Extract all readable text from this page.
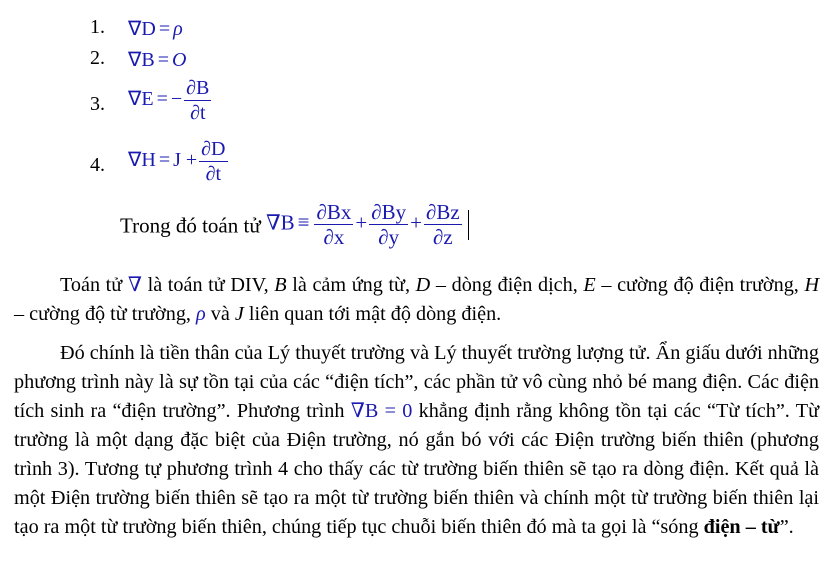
1. ∇D = ρ
2. ∇B = O
3. ∇E = − $\frac{\partial B}{\partial t}$
4. $\nabla H = J + \frac{\partial D}{\partial t}$
Trong đó toán tử $\nabla B \equiv \frac{\partial Bx}{\partial x} + \frac{\partial By}{\partial y} + \frac{\partial Bz}{\partial z}$

Toán tử ∇ là toán tử DIV, B là cảm ứng từ, D – dòng điện dịch, E – cường độ điện trường, H – cường độ từ trường, ρ và J liên quan tới mật độ dòng điện.

Đó chính là tiền thân của Lý thuyết trường và Lý thuyết trường lượng tử. Ẩn giấu dưới những phương trình này là sự tồn tại của các “điện tích”, các phần tử vô cùng nhỏ bé mang điện. Các điện tích sinh ra “điện trường”. Phương trình ∇B = 0 khẳng định rằng không tồn tại các “Từ tích”. Từ trường là một dạng đặc biệt của Điện trường, nó gắn bó với các Điện trường biến thiên (phương trình 3). Tương tự phương trình 4 cho thấy các từ trường biến thiên sẽ tạo ra dòng điện. Kết quả là một Điện trường biến thiên sẽ tạo ra một từ trường biến thiên và chính một từ trường biến thiên lại tạo ra một từ trường biến thiên, chúng tiếp tục chuỗi biến thiên đó mà ta gọi là “sóng điện – từ”.
